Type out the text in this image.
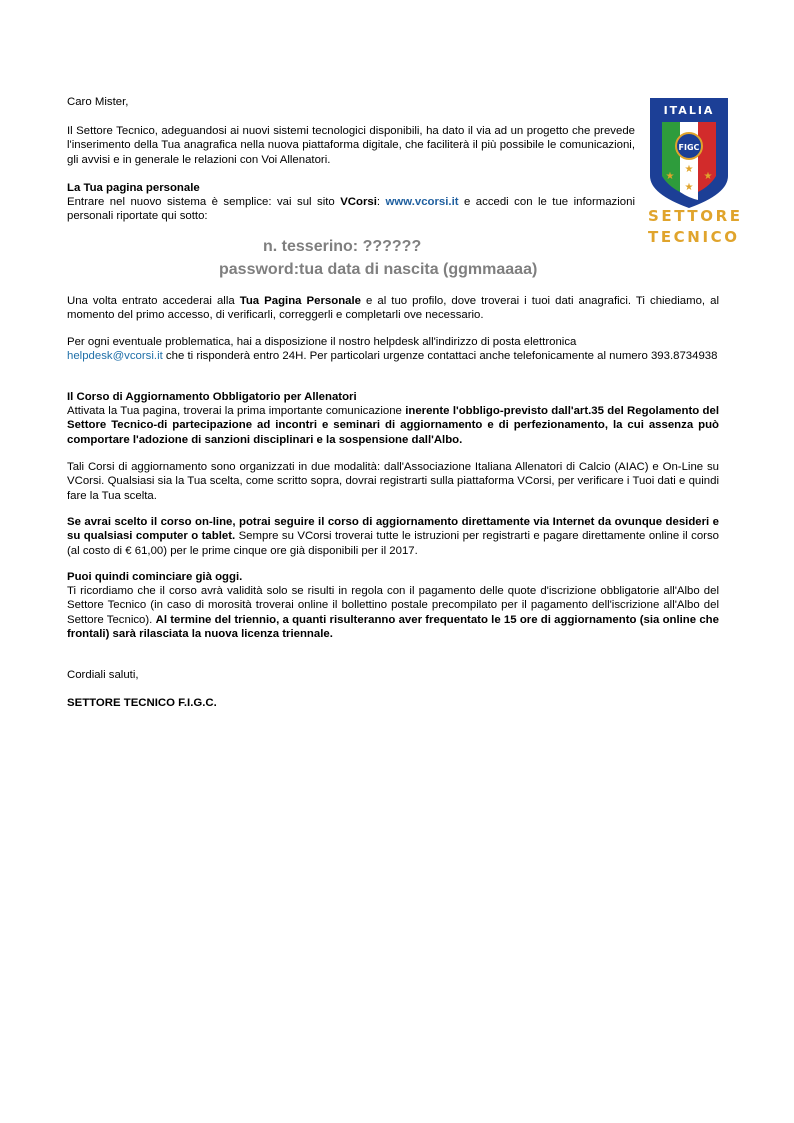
Caro Mister,
Il Settore Tecnico, adeguandosi ai nuovi sistemi tecnologici disponibili, ha dato il via ad un progetto che prevede l'inserimento della Tua anagrafica nella nuova piattaforma digitale, che faciliterà il più possibile le comunicazioni, gli avvisi e in generale le relazioni con Voi Allenatori.
La Tua pagina personale
Entrare nel nuovo sistema è semplice: vai sul sito VCorsi: www.vcorsi.it e accedi con le tue informazioni personali riportate qui sotto:
n. tesserino: ??????
password:tua data di nascita (ggmmaaaa)
Una volta entrato accederai alla Tua Pagina Personale e al tuo profilo, dove troverai i tuoi dati anagrafici. Ti chiediamo, al momento del primo accesso, di verificarli, correggerli e completarli ove necessario.
Per ogni eventuale problematica, hai a disposizione il nostro helpdesk all'indirizzo di posta elettronica
helpdesk@vcorsi.it che ti risponderà entro 24H. Per particolari urgenze contattaci anche telefonicamente al numero 393.8734938
Il Corso di Aggiornamento Obbligatorio per Allenatori
Attivata la Tua pagina, troverai la prima importante comunicazione inerente l'obbligo-previsto dall'art.35 del Regolamento del Settore Tecnico-di partecipazione ad incontri e seminari di aggiornamento e di perfezionamento, la cui assenza può comportare l'adozione di sanzioni disciplinari e la sospensione dall'Albo.
Tali Corsi di aggiornamento sono organizzati in due modalità: dall'Associazione Italiana Allenatori di Calcio (AIAC) e On-Line su VCorsi. Qualsiasi sia la Tua scelta, come scritto sopra, dovrai registrarti sulla piattaforma VCorsi, per verificare i Tuoi dati e quindi fare la Tua scelta.
Se avrai scelto il corso on-line, potrai seguire il corso di aggiornamento direttamente via Internet da ovunque desideri e su qualsiasi computer o tablet. Sempre su VCorsi troverai tutte le istruzioni per registrarti e pagare direttamente online il corso (al costo di € 61,00) per le prime cinque ore già disponibili per il 2017.
Puoi quindi cominciare già oggi.
Ti ricordiamo che il corso avrà validità solo se risulti in regola con il pagamento delle quote d'iscrizione obbligatorie all'Albo del Settore Tecnico (in caso di morosità troverai online il bollettino postale precompilato per il pagamento dell'iscrizione all'Albo del Settore Tecnico). Al termine del triennio, a quanti risulteranno aver frequentato le 15 ore di aggiornamento (sia online che frontali) sarà rilasciata la nuova licenza triennale.
Cordiali saluti,
SETTORE TECNICO F.I.G.C.
ITALIA
FIGC
★
★
★
★
SETTORE
TECNICO
